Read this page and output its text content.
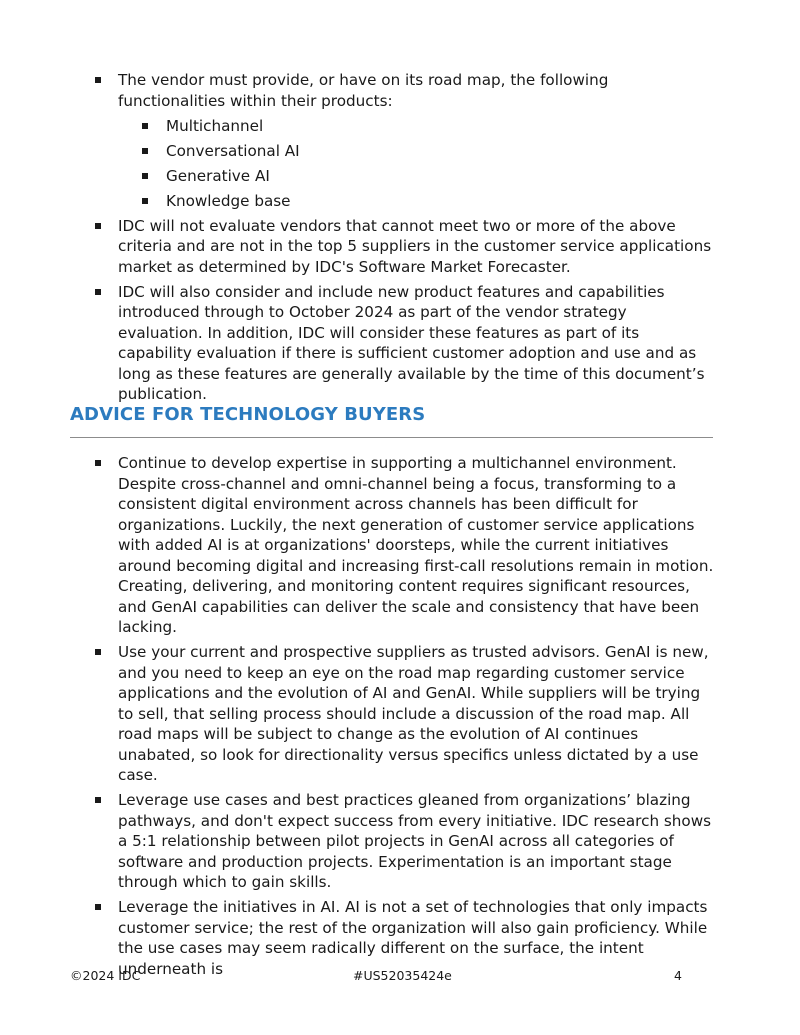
The vendor must provide, or have on its road map, the following functionalities within their products:
Multichannel
Conversational AI
Generative AI
Knowledge base
IDC will not evaluate vendors that cannot meet two or more of the above criteria and are not in the top 5 suppliers in the customer service applications market as determined by IDC's Software Market Forecaster.
IDC will also consider and include new product features and capabilities introduced through to October 2024 as part of the vendor strategy evaluation. In addition, IDC will consider these features as part of its capability evaluation if there is sufficient customer adoption and use and as long as these features are generally available by the time of this document’s publication.
ADVICE FOR TECHNOLOGY BUYERS
Continue to develop expertise in supporting a multichannel environment. Despite cross-channel and omni-channel being a focus, transforming to a consistent digital environment across channels has been difficult for organizations. Luckily, the next generation of customer service applications with added AI is at organizations' doorsteps, while the current initiatives around becoming digital and increasing first-call resolutions remain in motion. Creating, delivering, and monitoring content requires significant resources, and GenAI capabilities can deliver the scale and consistency that have been lacking.
Use your current and prospective suppliers as trusted advisors. GenAI is new, and you need to keep an eye on the road map regarding customer service applications and the evolution of AI and GenAI. While suppliers will be trying to sell, that selling process should include a discussion of the road map. All road maps will be subject to change as the evolution of AI continues unabated, so look for directionality versus specifics unless dictated by a use case.
Leverage use cases and best practices gleaned from organizations’ blazing pathways, and don't expect success from every initiative. IDC research shows a 5:1 relationship between pilot projects in GenAI across all categories of software and production projects. Experimentation is an important stage through which to gain skills.
Leverage the initiatives in AI. AI is not a set of technologies that only impacts customer service; the rest of the organization will also gain proficiency. While the use cases may seem radically different on the surface, the intent underneath is
©2024 IDC	#US52035424e	4
